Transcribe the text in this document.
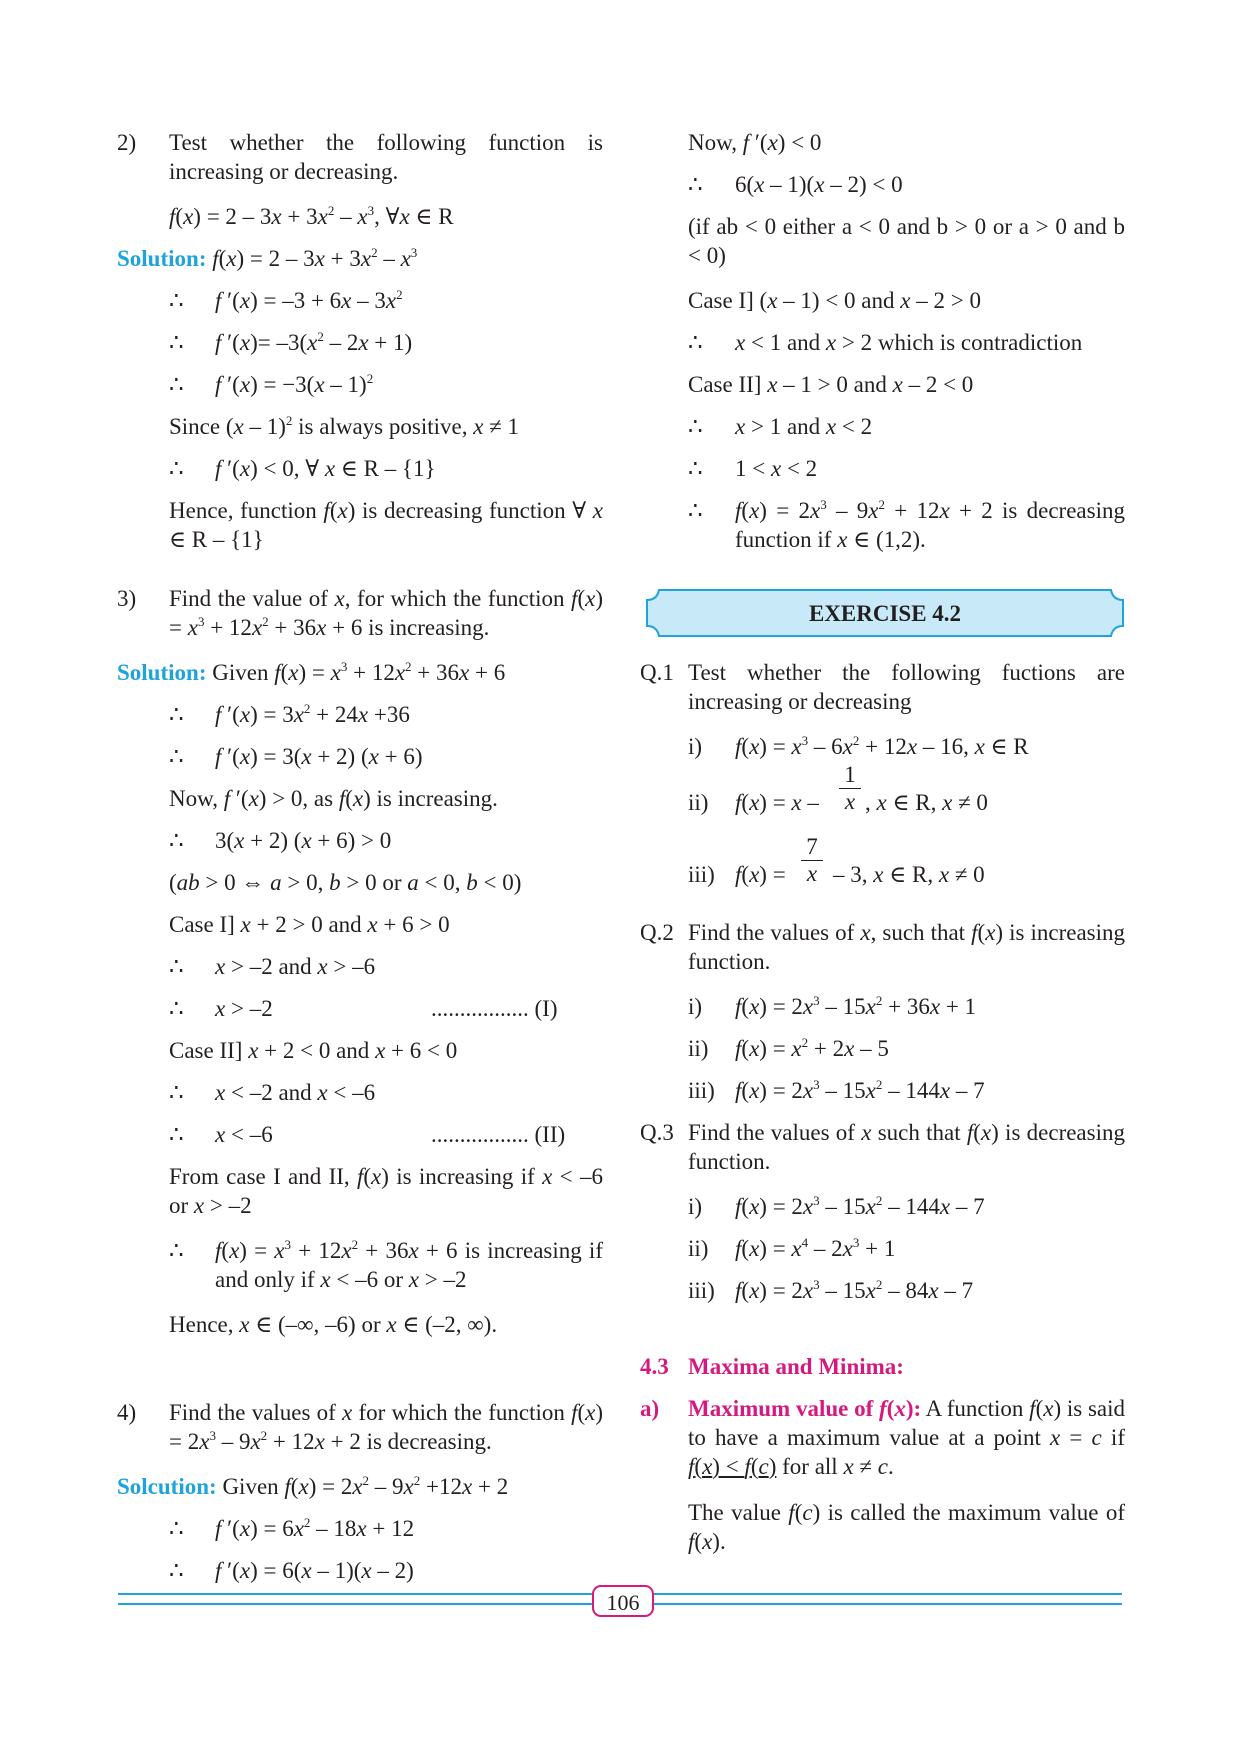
2) Test whether the following function is increasing or decreasing.
$f(x) = 2 - 3x + 3x^2 - x^3$, ∀x ∈ R
Solution: $f(x) = 2 - 3x + 3x^2 - x^3$
∴ f $'(x) = -3 + 6x - 3x^2$
∴ f $'(x)= -3(x^2 - 2x + 1)$
∴ f ′(x) = −3(x – 1)$^2$
Since (x – 1)$^2$ is always positive, x ≠ 1
∴ f ′(x) < 0, ∀ x ∈ R – {1}
Hence, function f(x) is decreasing function ∀ x ∈ R – {1}
3) Find the value of x, for which the function $f(x) = x^3 + 12x^2 + 36x + 6$ is increasing.
Solution: Given $f(x) = x^3 + 12x^2 + 36x + 6$
∴ f $'(x) = 3x^2 + 24x +36$
∴ f ′(x) = 3(x + 2) (x + 6)
Now, f ′(x) > 0, as f(x) is increasing.
∴ 3(x + 2) (x + 6) > 0
(ab > 0 ⇔ a > 0, b > 0 or a < 0, b < 0)
Case I] x + 2 > 0 and x + 6 > 0
∴ x > –2 and x > –6
∴ x > –2	................. (I)
Case II] x + 2 < 0 and x + 6 < 0
∴ x < –2 and x < –6
∴ x < –6	................. (II)
From case I and II, f(x) is increasing if x < –6 or x > –2
∴ $f(x) = x^3 + 12x^2 + 36x + 6$ is increasing if and only if x < –6 or x > –2
Hence, x ∈ (–∞, –6) or x ∈ (–2, ∞).
4) Find the values of x for which the function $f(x) = 2x^3 - 9x^2 + 12x + 2$ is decreasing.
Solcution: Given $f(x) = 2x^2 - 9x^2 +12x + 2$
∴ f $'(x) = 6x^2 - 18x + 12$
∴ f ′(x) = 6(x – 1)(x – 2)
Now, f ′(x) < 0
∴ 6(x – 1)(x – 2) < 0
(if ab < 0 either a < 0 and b > 0 or a > 0 and b < 0)
Case I] (x – 1) < 0 and x – 2 > 0
∴ x < 1 and x > 2 which is contradiction
Case II] x – 1 > 0 and x – 2 < 0
∴ x > 1 and x < 2
∴ 1 < x < 2
∴ $f(x) = 2x^3 - 9x^2 + 12x + 2$ is decreasing function if x ∈ (1,2).
Q.1 Test whether the following fuctions are increasing or decreasing
i) $f(x) = x^3 - 6x^2 + 12x - 16$, x ∈ R
ii) f(x) = x –
1
x , x ∈ R, x ≠ 0
iii) f(x) =
7
x – 3, x ∈ R, x ≠ 0
Q.2 Find the values of x, such that f(x) is increasing function.
i) $f(x) = 2x^3 - 15x^2 + 36x + 1$
ii) $f(x) = x^2 + 2x - 5$
iii) $f(x) = 2x^3 - 15x^2 - 144x - 7$
Q.3 Find the values of x such that f(x) is decreasing function.
i) $f(x) = 2x^3 - 15x^2 - 144x - 7$
ii) $f(x) = x^4 - 2x^3 + 1$
iii) $f(x) = 2x^3 - 15x^2 - 84x - 7$
4.3 Maxima and Minima:
a) Maximum value of f(x): A function f(x) is said to have a maximum value at a point x = c if f(x) < f(c) for all x ≠ c.
The value f(c) is called the maximum value of f(x).
EXERCISE 4.2
106
